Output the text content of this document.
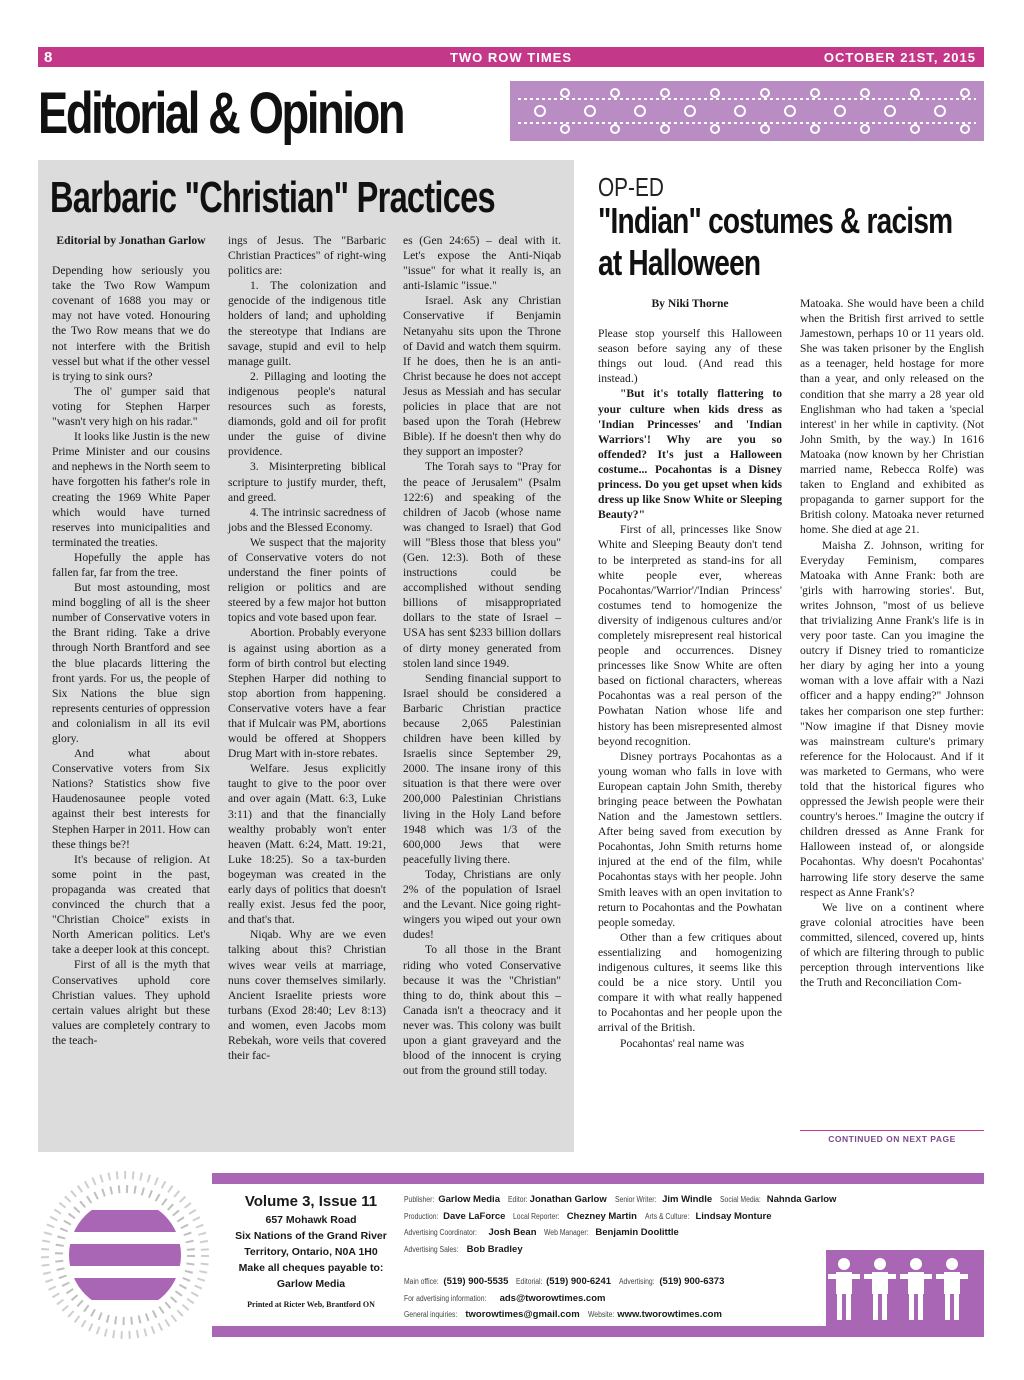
8	TWO ROW TIMES	OCTOBER 21ST, 2015
Editorial & Opinion
Barbaric "Christian" Practices

Editorial by Jonathan Garlow

Depending how seriously you take the Two Row Wampum covenant of 1688 you may or may not have voted. Honouring the Two Row means that we do not interfere with the British vessel but what if the other vessel is trying to sink ours?

The ol' gumper said that voting for Stephen Harper "wasn't very high on his radar."

It looks like Justin is the new Prime Minister and our cousins and nephews in the North seem to have forgotten his father's role in creating the 1969 White Paper which would have turned reserves into municipalities and terminated the treaties.

Hopefully the apple has fallen far, far from the tree.

But most astounding, most mind boggling of all is the sheer number of Conservative voters in the Brant riding. Take a drive through North Brantford and see the blue placards littering the front yards. For us, the people of Six Nations the blue sign represents centuries of oppression and colonialism in all its evil glory.

And what about Conservative voters from Six Nations? Statistics show five Haudenosaunee people voted against their best interests for Stephen Harper in 2011. How can these things be?!

It's because of religion. At some point in the past, propaganda was created that convinced the church that a "Christian Choice" exists in North American politics. Let's take a deeper look at this concept.

First of all is the myth that Conservatives uphold core Christian values. They uphold certain values alright but these values are completely contrary to the teach-

ings of Jesus. The "Barbaric Christian Practices" of right-wing politics are:

1. The colonization and genocide of the indigenous title holders of land; and upholding the stereotype that Indians are savage, stupid and evil to help manage guilt.

2. Pillaging and looting the indigenous people's natural resources such as forests, diamonds, gold and oil for profit under the guise of divine providence.

3. Misinterpreting biblical scripture to justify murder, theft, and greed.

4. The intrinsic sacredness of jobs and the Blessed Economy.

We suspect that the majority of Conservative voters do not understand the finer points of religion or politics and are steered by a few major hot button topics and vote based upon fear.

Abortion. Probably everyone is against using abortion as a form of birth control but electing Stephen Harper did nothing to stop abortion from happening. Conservative voters have a fear that if Mulcair was PM, abortions would be offered at Shoppers Drug Mart with in-store rebates.

Welfare. Jesus explicitly taught to give to the poor over and over again (Matt. 6:3, Luke 3:11) and that the financially wealthy probably won't enter heaven (Matt. 6:24, Matt. 19:21, Luke 18:25). So a tax-burden bogeyman was created in the early days of politics that doesn't really exist. Jesus fed the poor, and that's that.

Niqab. Why are we even talking about this? Christian wives wear veils at marriage, nuns cover themselves similarly. Ancient Israelite priests wore turbans (Exod 28:40; Lev 8:13) and women, even Jacobs mom Rebekah, wore veils that covered their fac-

es (Gen 24:65) – deal with it. Let's expose the Anti-Niqab "issue" for what it really is, an anti-Islamic "issue."

Israel. Ask any Christian Conservative if Benjamin Netanyahu sits upon the Throne of David and watch them squirm. If he does, then he is an anti-Christ because he does not accept Jesus as Messiah and has secular policies in place that are not based upon the Torah (Hebrew Bible). If he doesn't then why do they support an imposter?

The Torah says to "Pray for the peace of Jerusalem" (Psalm 122:6) and speaking of the children of Jacob (whose name was changed to Israel) that God will "Bless those that bless you" (Gen. 12:3). Both of these instructions could be accomplished without sending billions of misappropriated dollars to the state of Israel – USA has sent $233 billion dollars of dirty money generated from stolen land since 1949.

Sending financial support to Israel should be considered a Barbaric Christian practice because 2,065 Palestinian children have been killed by Israelis since September 29, 2000. The insane irony of this situation is that there were over 200,000 Palestinian Christians living in the Holy Land before 1948 which was 1/3 of the 600,000 Jews that were peacefully living there.

Today, Christians are only 2% of the population of Israel and the Levant. Nice going right-wingers you wiped out your own dudes!

To all those in the Brant riding who voted Conservative because it was the "Christian" thing to do, think about this – Canada isn't a theocracy and it never was. This colony was built upon a giant graveyard and the blood of the innocent is crying out from the ground still today.

OP-ED
"Indian" costumes & racism
at Halloween

By Niki Thorne

Please stop yourself this Halloween season before saying any of these things out loud. (And read this instead.)

"But it's totally flattering to your culture when kids dress as 'Indian Princesses' and 'Indian Warriors'! Why are you so offended? It's just a Halloween costume... Pocahontas is a Disney princess. Do you get upset when kids dress up like Snow White or Sleeping Beauty?"

First of all, princesses like Snow White and Sleeping Beauty don't tend to be interpreted as stand-ins for all white people ever, whereas Pocahontas/'Warrior'/'Indian Princess' costumes tend to homogenize the diversity of indigenous cultures and/or completely misrepresent real historical people and occurrences. Disney princesses like Snow White are often based on fictional characters, whereas Pocahontas was a real person of the Powhatan Nation whose life and history has been misrepresented almost beyond recognition.

Disney portrays Pocahontas as a young woman who falls in love with European captain John Smith, thereby bringing peace between the Powhatan Nation and the Jamestown settlers. After being saved from execution by Pocahontas, John Smith returns home injured at the end of the film, while Pocahontas stays with her people. John Smith leaves with an open invitation to return to Pocahontas and the Powhatan people someday.

Other than a few critiques about essentializing and homogenizing indigenous cultures, it seems like this could be a nice story. Until you compare it with what really happened to Pocahontas and her people upon the arrival of the British.

Pocahontas' real name was

Matoaka. She would have been a child when the British first arrived to settle Jamestown, perhaps 10 or 11 years old. She was taken prisoner by the English as a teenager, held hostage for more than a year, and only released on the condition that she marry a 28 year old Englishman who had taken a 'special interest' in her while in captivity. (Not John Smith, by the way.) In 1616 Matoaka (now known by her Christian married name, Rebecca Rolfe) was taken to England and exhibited as propaganda to garner support for the British colony. Matoaka never returned home. She died at age 21.

Maisha Z. Johnson, writing for Everyday Feminism, compares Matoaka with Anne Frank: both are 'girls with harrowing stories'. But, writes Johnson, "most of us believe that trivializing Anne Frank's life is in very poor taste. Can you imagine the outcry if Disney tried to romanticize her diary by aging her into a young woman with a love affair with a Nazi officer and a happy ending?" Johnson takes her comparison one step further: "Now imagine if that Disney movie was mainstream culture's primary reference for the Holocaust. And if it was marketed to Germans, who were told that the historical figures who oppressed the Jewish people were their country's heroes." Imagine the outcry if children dressed as Anne Frank for Halloween instead of, or alongside Pocahontas. Why doesn't Pocahontas' harrowing life story deserve the same respect as Anne Frank's?

We live on a continent where grave colonial atrocities have been committed, silenced, covered up, hints of which are filtering through to public perception through interventions like the Truth and Reconciliation Com-

CONTINUED ON NEXT PAGE
Volume 3, Issue 11
657 Mohawk Road
Six Nations of the Grand River
Territory, Ontario, N0A 1H0
Make all cheques payable to:
Garlow Media
Printed at Ricter Web, Brantford ON
Publisher: Garlow Media Editor: Jonathan Garlow Senior Writer: Jim Windle Social Media: Nahnda Garlow
Production: Dave LaForce Local Reporter: Chezney Martin Arts & Culture: Lindsay Monture
Advertising Coordinator: Josh Bean Web Manager: Benjamin Doolittle
Advertising Sales: Bob Bradley
Main office: (519) 900-5535 Editorial: (519) 900-6241 Advertising: (519) 900-6373
For advertising information: ads@tworowtimes.com
General inquiries: tworowtimes@gmail.com Website: www.tworowtimes.com
